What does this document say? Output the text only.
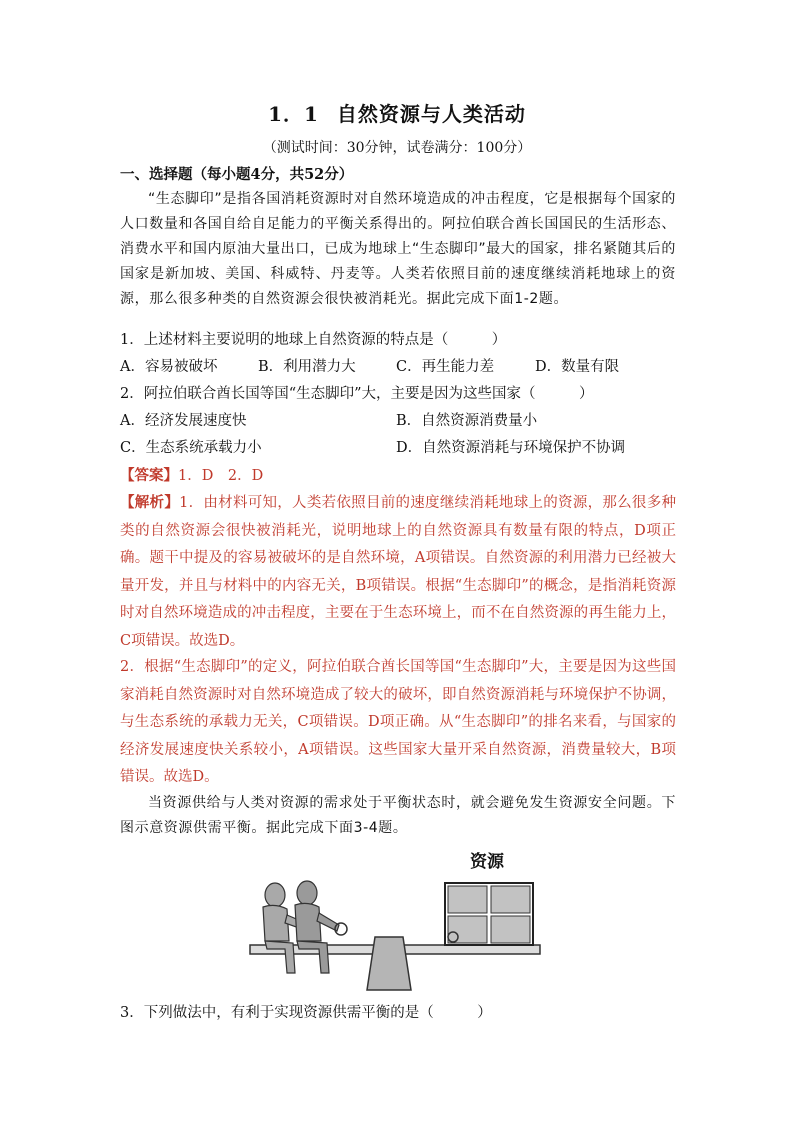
1．1 自然资源与人类活动
（测试时间：30分钟，试卷满分：100分）
一、选择题（每小题4分，共52分）
“生态脚印”是指各国消耗资源时对自然环境造成的冲击程度，它是根据每个国家的人口数量和各国自给自足能力的平衡关系得出的。阿拉伯联合酋长国国民的生活形态、消费水平和国内原油大量出口，已成为地球上“生态脚印”最大的国家，排名紧随其后的国家是新加坡、美国、科威特、丹麦等。人类若依照目前的速度继续消耗地球上的资源，那么很多种类的自然资源会很快被消耗光。据此完成下面1-2题。
1．上述材料主要说明的地球上自然资源的特点是（　　　）
A．容易被破坏	B．利用潜力大	C．再生能力差	D．数量有限
2．阿拉伯联合酋长国等国“生态脚印”大，主要是因为这些国家（　　　）
A．经济发展速度快	B．自然资源消费量小
C．生态系统承载力小	D．自然资源消耗与环境保护不协调
【答案】1．D　2．D
【解析】1．由材料可知，人类若依照目前的速度继续消耗地球上的资源，那么很多种类的自然资源会很快被消耗光，说明地球上的自然资源具有数量有限的特点，D项正确。题干中提及的容易被破坏的是自然环境，A项错误。自然资源的利用潜力已经被大量开发，并且与材料中的内容无关，B项错误。根据“生态脚印”的概念，是指消耗资源时对自然环境造成的冲击程度，主要在于生态环境上，而不在自然资源的再生能力上，C项错误。故选D。
2．根据“生态脚印”的定义，阿拉伯联合酋长国等国“生态脚印”大，主要是因为这些国家消耗自然资源时对自然环境造成了较大的破坏，即自然资源消耗与环境保护不协调，与生态系统的承载力无关，C项错误。D项正确。从“生态脚印”的排名来看，与国家的经济发展速度快关系较小，A项错误。这些国家大量开采自然资源，消费量较大，B项错误。故选D。
当资源供给与人类对资源的需求处于平衡状态时，就会避免发生资源安全问题。下图示意资源供需平衡。据此完成下面3-4题。
资源
3．下列做法中，有利于实现资源供需平衡的是（　　　）
